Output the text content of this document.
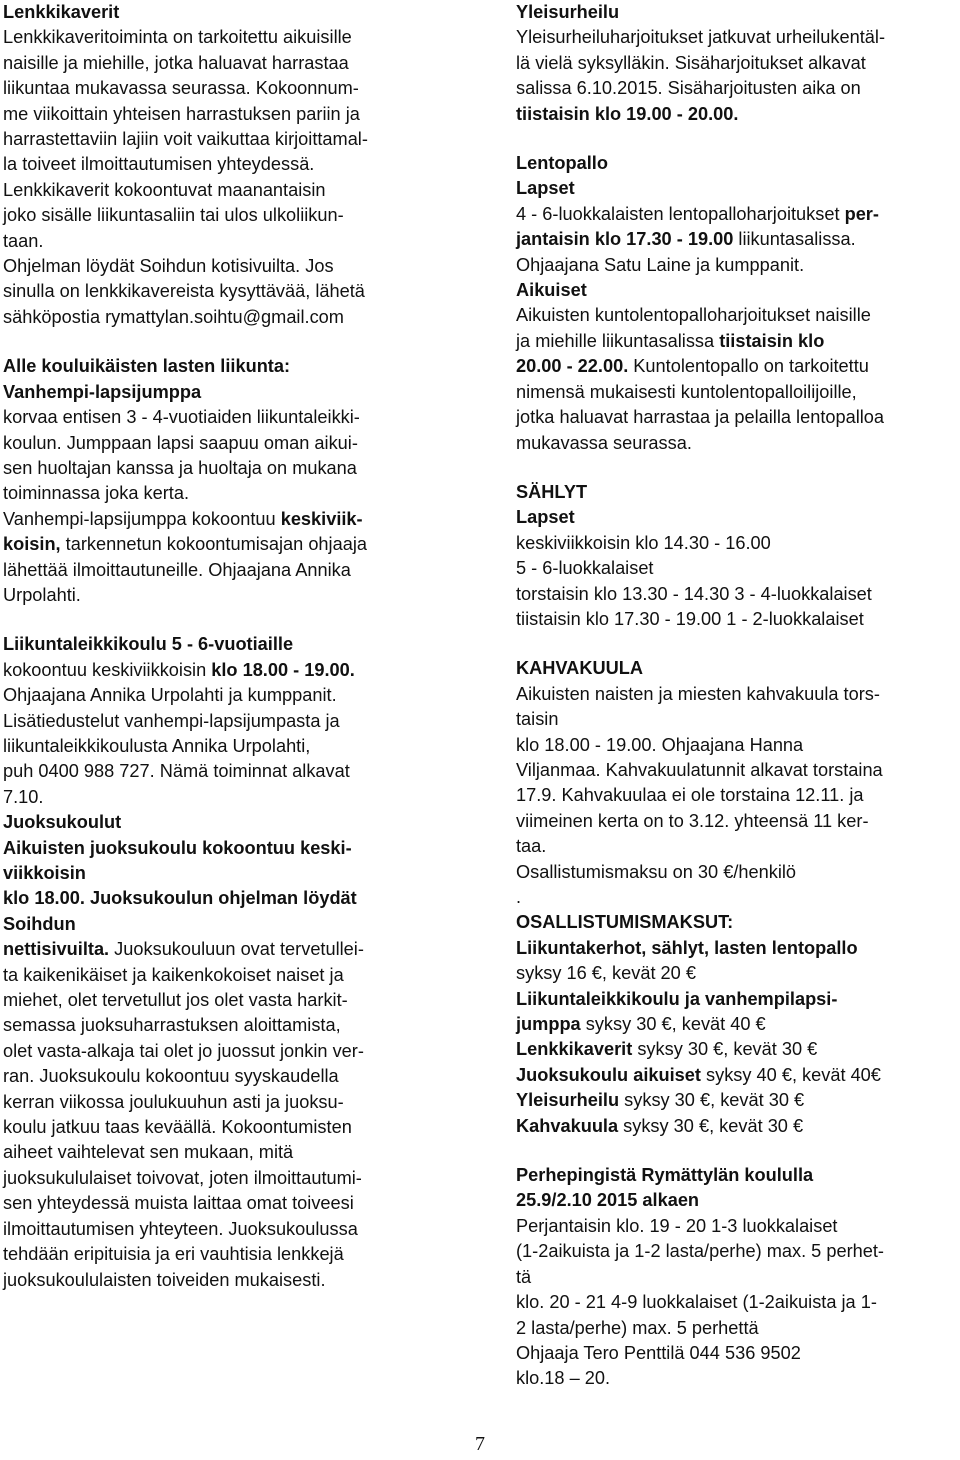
Lenkkikaverit
Lenkkikaveritoiminta on tarkoitettu aikuisille
naisille ja miehille, jotka haluavat harrastaa
liikuntaa mukavassa seurassa. Kokoonnum-
me viikoittain yhteisen harrastuksen pariin ja
harrastettaviin lajiin voit vaikuttaa kirjoittamal-
la toiveet ilmoittautumisen yhteydessä.
Lenkkikaverit kokoontuvat maanantaisin
joko sisälle liikuntasaliin tai ulos ulkoliikun-
taan.
Ohjelman löydät Soihdun kotisivuilta. Jos
sinulla on lenkkikavereista kysyttävää, lähetä
sähköpostia rymattylan.soihtu@gmail.com
Alle kouluikäisten lasten liikunta:
Vanhempi-lapsijumppa
korvaa entisen 3 - 4-vuotiaiden liikuntaleikki-
koulun. Jumppaan lapsi saapuu oman aikui-
sen huoltajan kanssa ja huoltaja on mukana
toiminnassa joka kerta.
Vanhempi-lapsijumppa kokoontuu keskiviik-
koisin, tarkennetun kokoontumisajan ohjaaja
lähettää ilmoittautuneille. Ohjaajana Annika
Urpolahti.
Liikuntaleikkikoulu 5 - 6-vuotiaille
kokoontuu keskiviikkoisin klo 18.00 - 19.00.
Ohjaajana Annika Urpolahti ja kumppanit.
Lisätiedustelut vanhempi-lapsijumpasta ja
liikuntaleikkikoulusta Annika Urpolahti,
puh 0400 988 727. Nämä toiminnat alkavat
7.10.
Juoksukoulut
Aikuisten juoksukoulu kokoontuu keski-
viikkoisin
klo 18.00. Juoksukoulun ohjelman löydät
Soihdun
nettisivuilta. Juoksukouluun ovat tervetullei-
ta kaikenikäiset ja kaikenkokoiset naiset ja
miehet, olet tervetullut jos olet vasta harkit-
semassa juoksuharrastuksen aloittamista,
olet vasta-alkaja tai olet jo juossut jonkin ver-
ran. Juoksukoulu kokoontuu syyskaudella
kerran viikossa joulukuuhun asti ja juoksu-
koulu jatkuu taas keväällä. Kokoontumisten
aiheet vaihtelevat sen mukaan, mitä
juoksukululaiset toivovat, joten ilmoittautumi-
sen yhteydessä muista laittaa omat toiveesi
ilmoittautumisen yhteyteen. Juoksukoulussa
tehdään eripituisia ja eri vauhtisia lenkkejä
juoksukoululaisten toiveiden mukaisesti.
Yleisurheilu
Yleisurheiluharjoitukset jatkuvat urheilukentäl-
lä vielä syksylläkin. Sisäharjoitukset alkavat
salissa 6.10.2015. Sisäharjoitusten aika on
tiistaisin klo 19.00 - 20.00.
Lentopallo
Lapset
4 - 6-luokkalaisten lentopalloharjoitukset per-
jantaisin klo 17.30 - 19.00 liikuntasalissa.
Ohjaajana Satu Laine ja kumppanit.
Aikuiset
Aikuisten kuntolentopalloharjoitukset naisille
ja miehille liikuntasalissa tiistaisin klo
20.00 - 22.00. Kuntolentopallo on tarkoitettu
nimensä mukaisesti kuntolentopalloilijoille,
jotka haluavat harrastaa ja pelailla lentopalloa
mukavassa seurassa.
SÄHLYT
Lapset
keskiviikkoisin klo 14.30 - 16.00
5 - 6-luokkalaiset
torstaisin klo 13.30 - 14.30 3 - 4-luokkalaiset
tiistaisin klo 17.30 - 19.00 1 - 2-luokkalaiset
KAHVAKUULA
Aikuisten naisten ja miesten kahvakuula tors-
taisin
klo 18.00 - 19.00. Ohjaajana Hanna
Viljanmaa. Kahvakuulatunnit alkavat torstaina
17.9. Kahvakuulaa ei ole torstaina 12.11. ja
viimeinen kerta on to 3.12. yhteensä 11 ker-
taa.
Osallistumismaksu on 30 €/henkilö
.
OSALLISTUMISMAKSUT:
Liikuntakerhot, sählyt, lasten lentopallo
syksy 16 €, kevät 20 €
Liikuntaleikkikoulu ja vanhempilapsi-
jumppa syksy 30 €, kevät 40 €
Lenkkikaverit syksy 30 €, kevät 30 €
Juoksukoulu aikuiset syksy 40 €, kevät 40€
Yleisurheilu syksy 30 €, kevät 30 €
Kahvakuula syksy 30 €, kevät 30 €
Perhepingistä Rymättylän koululla
25.9/2.10 2015 alkaen
Perjantaisin klo. 19 - 20 1-3 luokkalaiset
(1-2aikuista ja 1-2 lasta/perhe) max. 5 perhet-
tä
klo. 20 - 21 4-9 luokkalaiset (1-2aikuista ja 1-
2 lasta/perhe) max. 5 perhettä
Ohjaaja Tero Penttilä 044 536 9502
klo.18 – 20.
7
